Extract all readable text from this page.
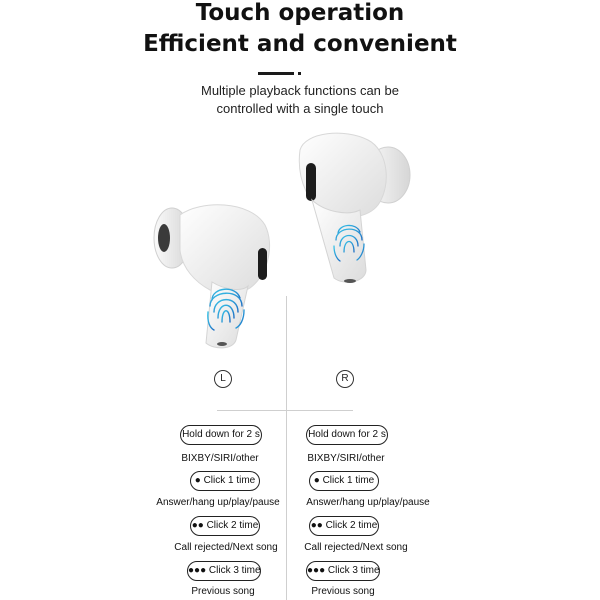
Touch operation
Efficient and convenient
Multiple playback functions can be
controlled with a single touch
L	R
Hold down for 2 s
BIXBY/SIRI/other
● Click 1 time
Answer/hang up/play/pause
●● Click 2 time
Call rejected/Next song
●●● Click 3 time
Previous song
Hold down for 2 s
BIXBY/SIRI/other
● Click 1 time
Answer/hang up/play/pause
●● Click 2 time
Call rejected/Next song
●●● Click 3 time
Previous song
